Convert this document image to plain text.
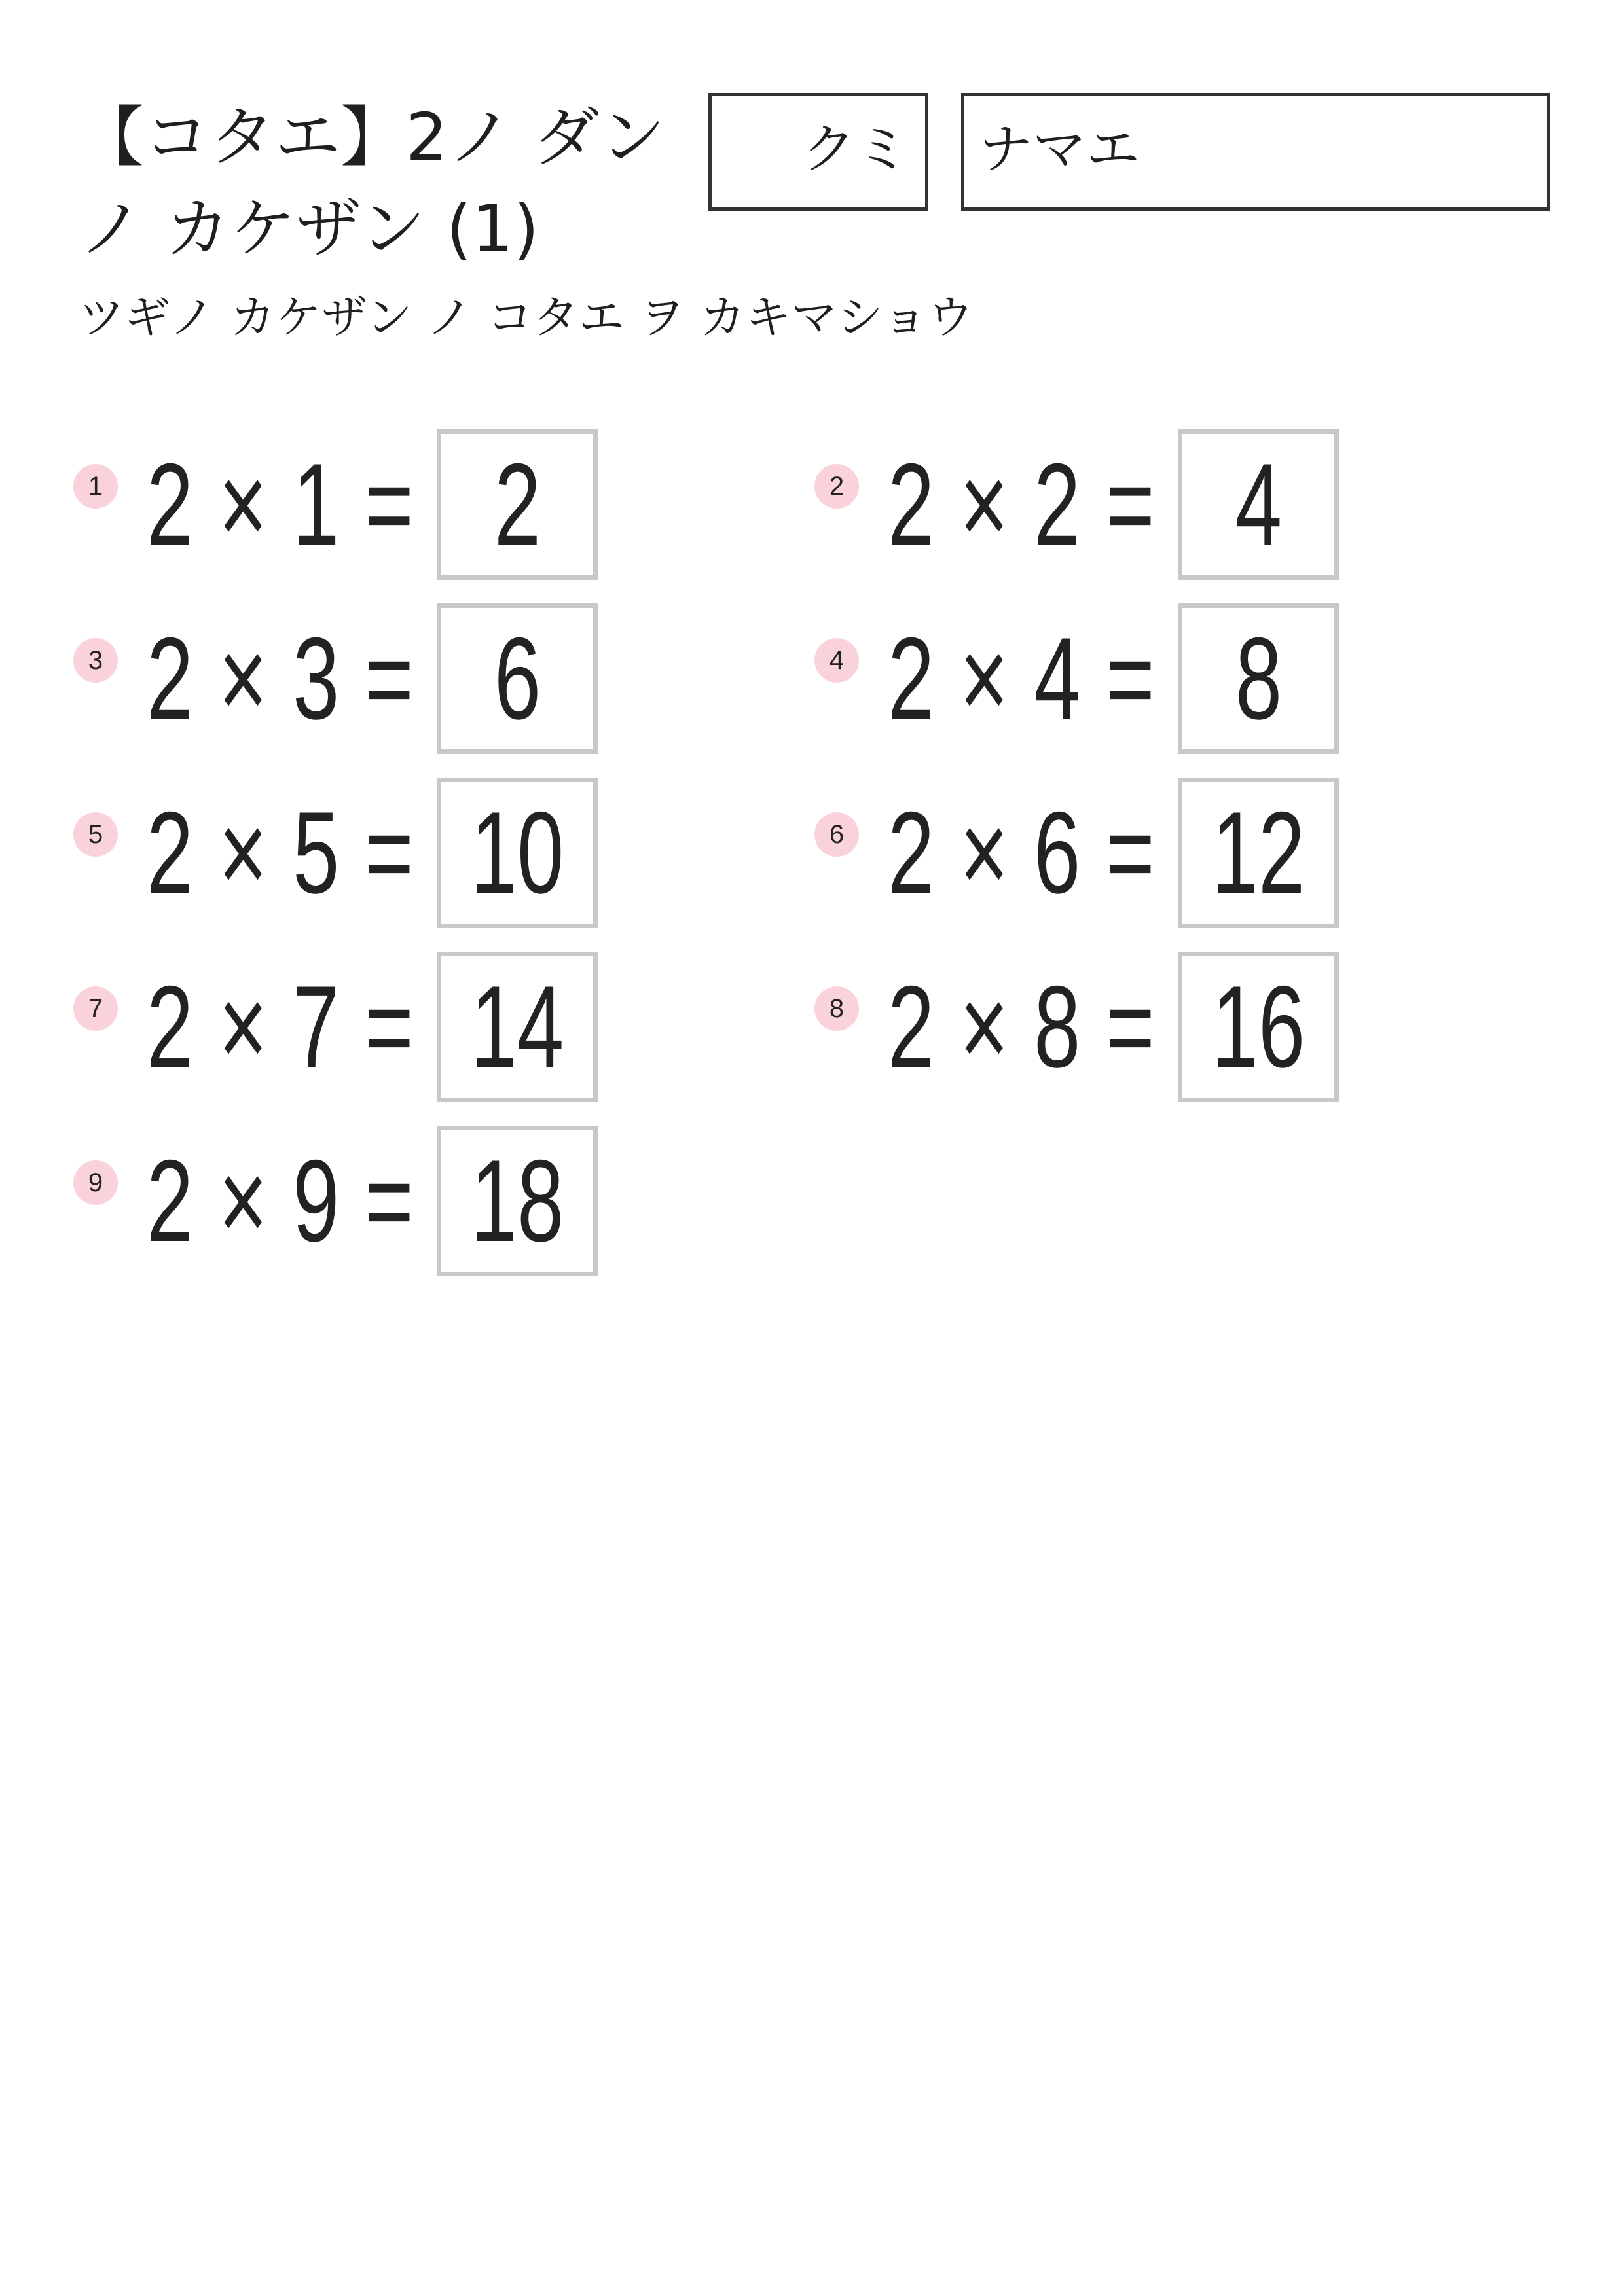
【コタエ】2ノ ダン ノ カケザン (1)
ツギノ カケザン ノ コタエ ヲ カキマショウ
クミ ナマエ
1 2 × 1 = 2	2 2 × 2 = 4
3 2 × 3 = 6	4 2 × 4 = 8
5 2 × 5 = 10	6 2 × 6 = 12
7 2 × 7 = 14	8 2 × 8 = 16
9 2 × 9 = 18
